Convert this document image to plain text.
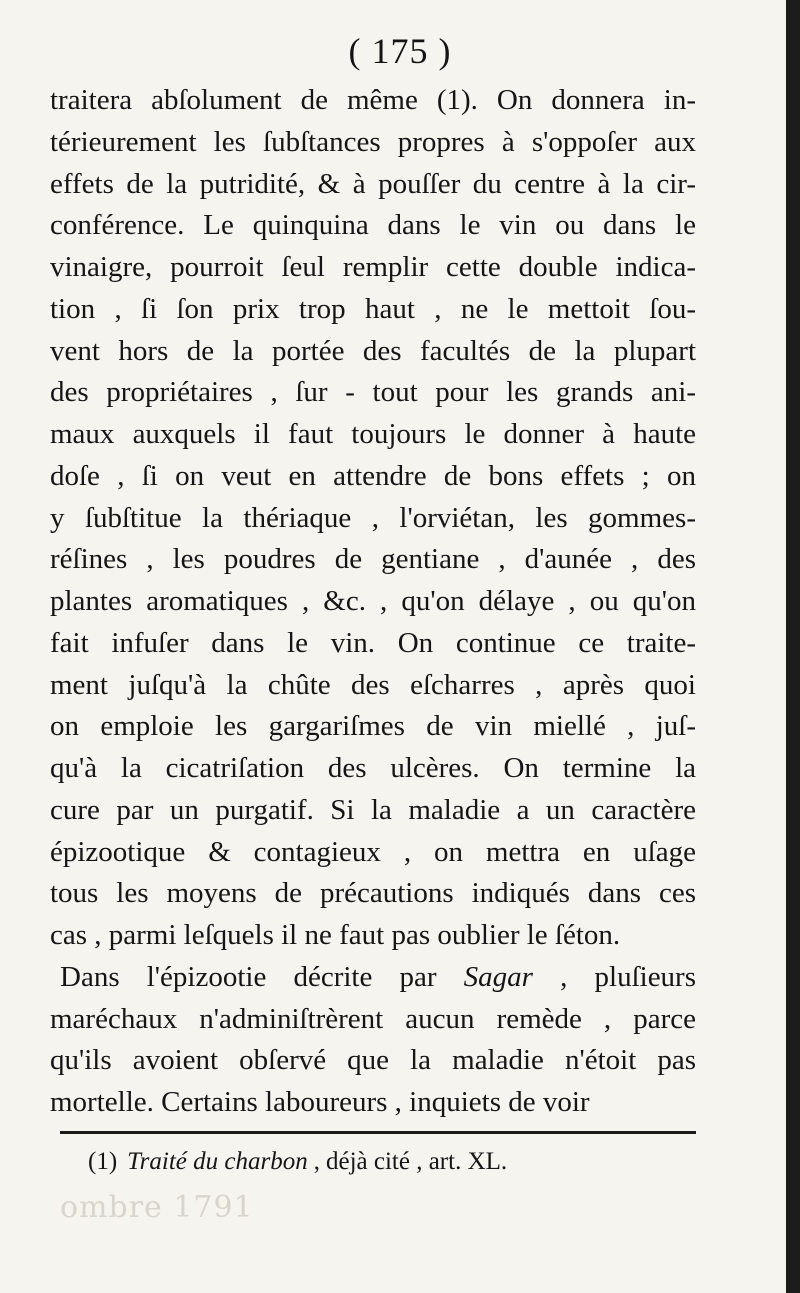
ombre 1791
( 175 )
traitera abſolument de même (1). On donnera in-
térieurement les ſubſtances propres à s'oppoſer aux
effets de la putridité, & à pouſſer du centre à la cir-
conférence. Le quinquina dans le vin ou dans le
vinaigre, pourroit ſeul remplir cette double indica-
tion , ſi ſon prix trop haut , ne le mettoit ſou-
vent hors de la portée des facultés de la plupart
des propriétaires , ſur - tout pour les grands ani-
maux auxquels il faut toujours le donner à haute
doſe , ſi on veut en attendre de bons effets ; on
y ſubſtitue la thériaque , l'orviétan, les gommes-
réſines , les poudres de gentiane , d'aunée , des
plantes aromatiques , &c. , qu'on délaye , ou qu'on
fait infuſer dans le vin. On continue ce traite-
ment juſqu'à la chûte des eſcharres , après quoi
on emploie les gargariſmes de vin miellé , juſ-
qu'à la cicatriſation des ulcères. On termine la
cure par un purgatif. Si la maladie a un caractère
épizootique & contagieux , on mettra en uſage
tous les moyens de précautions indiqués dans ces
cas , parmi leſquels il ne faut pas oublier le ſéton.
Dans l'épizootie décrite par Sagar , pluſieurs
maréchaux n'adminiſtrèrent aucun remède , parce
qu'ils avoient obſervé que la maladie n'étoit pas
mortelle. Certains laboureurs , inquiets de voir
(1) Traité du charbon , déjà cité , art. XL.
